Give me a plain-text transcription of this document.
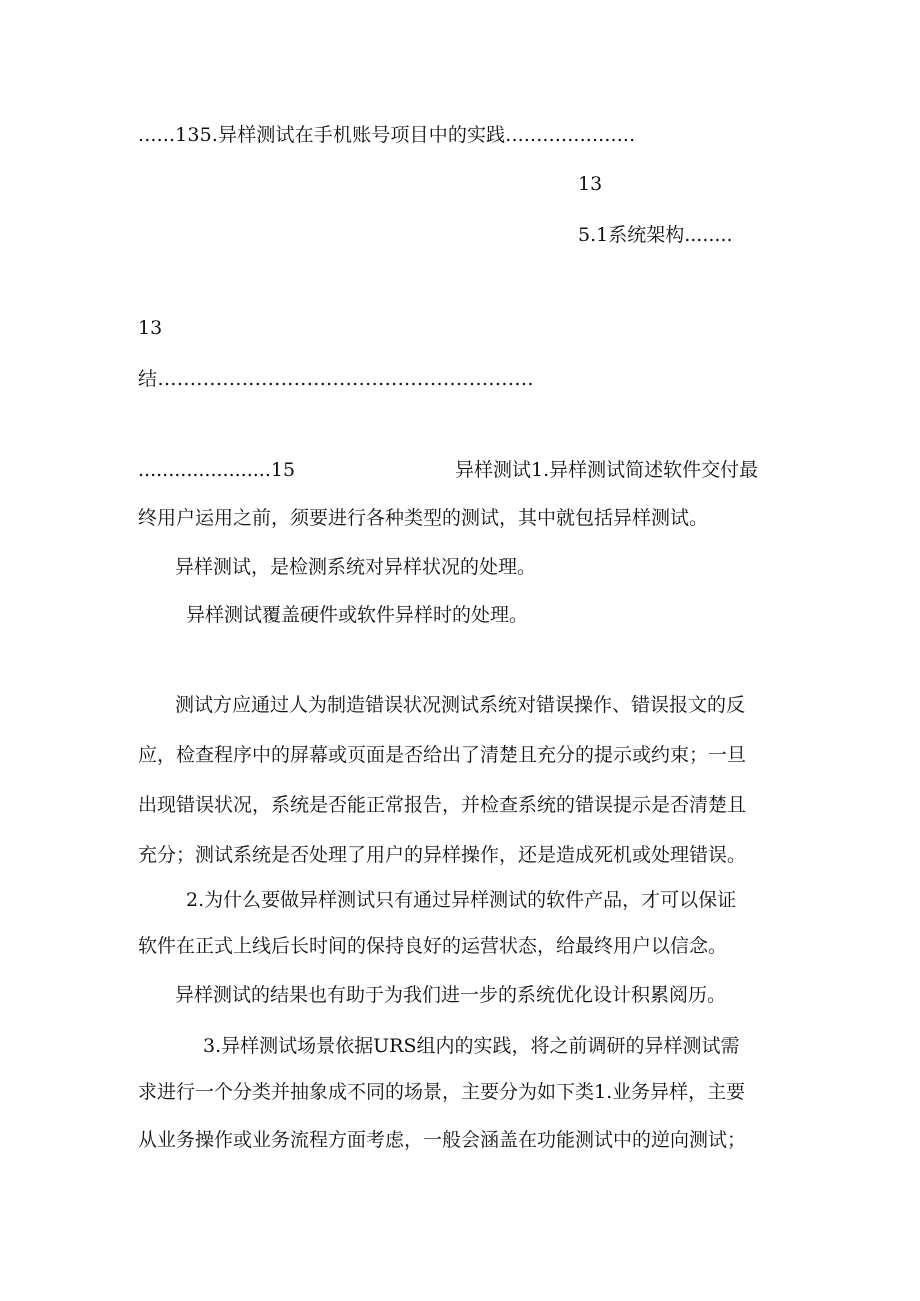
......135.异样测试在手机账号项目中的实践.....................
13
5.1系统架构........
13
结..........................................................
......................15	异样测试1.异样测试简述软件交付最
终用户运用之前，须要进行各种类型的测试，其中就包括异样测试。
异样测试，是检测系统对异样状况的处理。
异样测试覆盖硬件或软件异样时的处理。
测试方应通过人为制造错误状况测试系统对错误操作、错误报文的反
应，检查程序中的屏幕或页面是否给出了清楚且充分的提示或约束；一旦
出现错误状况，系统是否能正常报告，并检查系统的错误提示是否清楚且
充分；测试系统是否处理了用户的异样操作，还是造成死机或处理错误。
2.为什么要做异样测试只有通过异样测试的软件产品，才可以保证
软件在正式上线后长时间的保持良好的运营状态，给最终用户以信念。
异样测试的结果也有助于为我们进一步的系统优化设计积累阅历。
3.异样测试场景依据URS组内的实践，将之前调研的异样测试需
求进行一个分类并抽象成不同的场景，主要分为如下类1.业务异样，主要
从业务操作或业务流程方面考虑，一般会涵盖在功能测试中的逆向测试；
